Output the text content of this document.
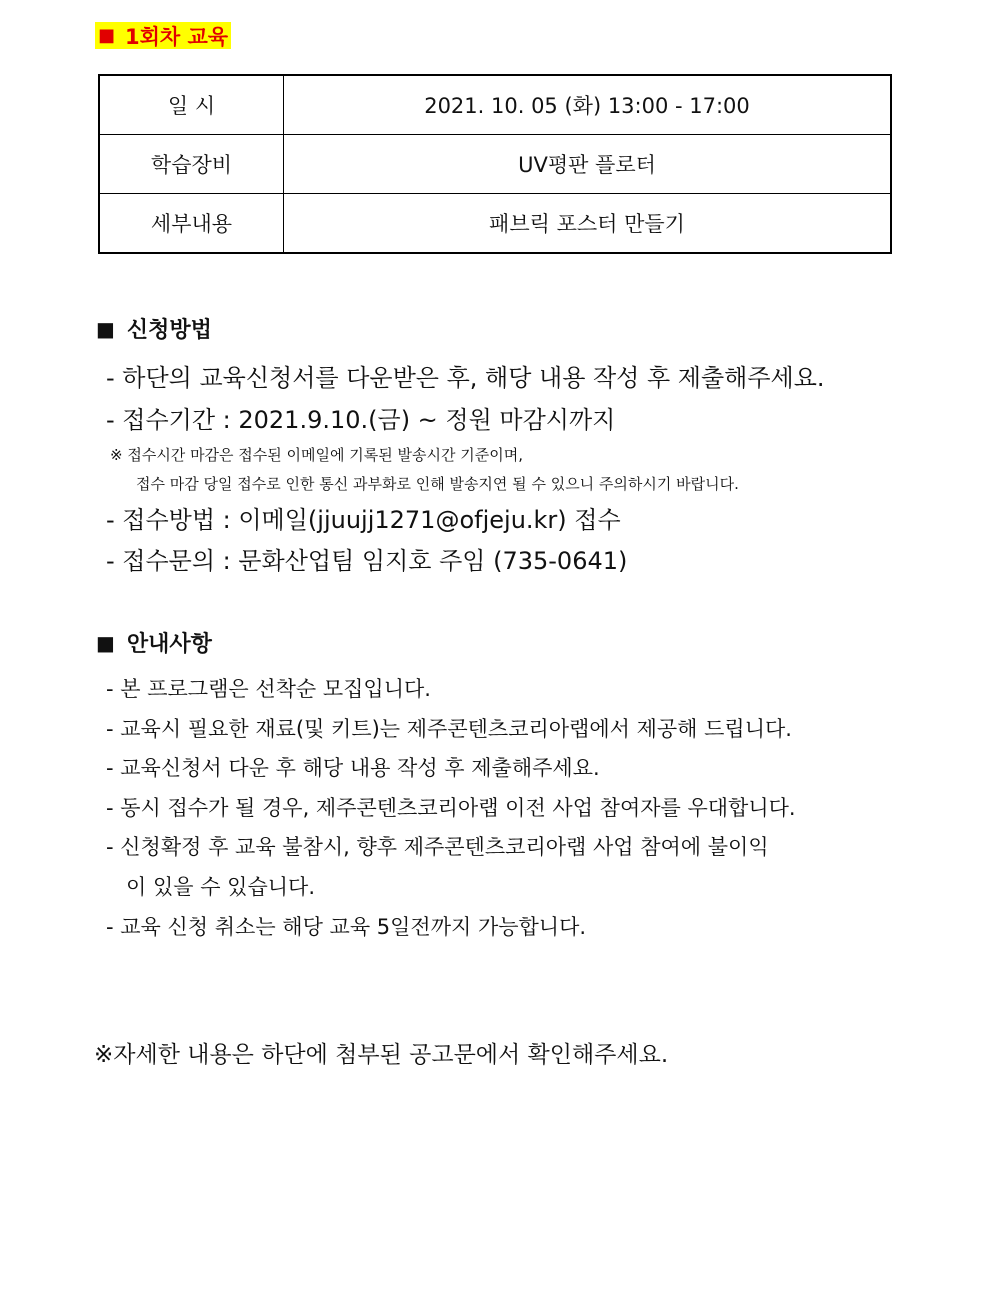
■ 1회차 교육
일 시	2021. 10. 05 (화) 13:00 - 17:00
학습장비	UV평판 플로터
세부내용	패브릭 포스터 만들기
■ 신청방법
- 하단의 교육신청서를 다운받은 후, 해당 내용 작성 후 제출해주세요.
- 접수기간 : 2021.9.10.(금) ~ 정원 마감시까지
※ 접수시간 마감은 접수된 이메일에 기록된 발송시간 기준이며,
접수 마감 당일 접수로 인한 통신 과부화로 인해 발송지연 될 수 있으니 주의하시기 바랍니다.
- 접수방법 : 이메일(jjuujj1271@ofjeju.kr) 접수
- 접수문의 : 문화산업팀 임지호 주임 (735-0641)
■ 안내사항
- 본 프로그램은 선착순 모집입니다.
- 교육시 필요한 재료(및 키트)는 제주콘텐츠코리아랩에서 제공해 드립니다.
- 교육신청서 다운 후 해당 내용 작성 후 제출해주세요.
- 동시 접수가 될 경우, 제주콘텐츠코리아랩 이전 사업 참여자를 우대합니다.
- 신청확정 후 교육 불참시, 향후 제주콘텐츠코리아랩 사업 참여에 불이익
이 있을 수 있습니다.
- 교육 신청 취소는 해당 교육 5일전까지 가능합니다.
※자세한 내용은 하단에 첨부된 공고문에서 확인해주세요.
